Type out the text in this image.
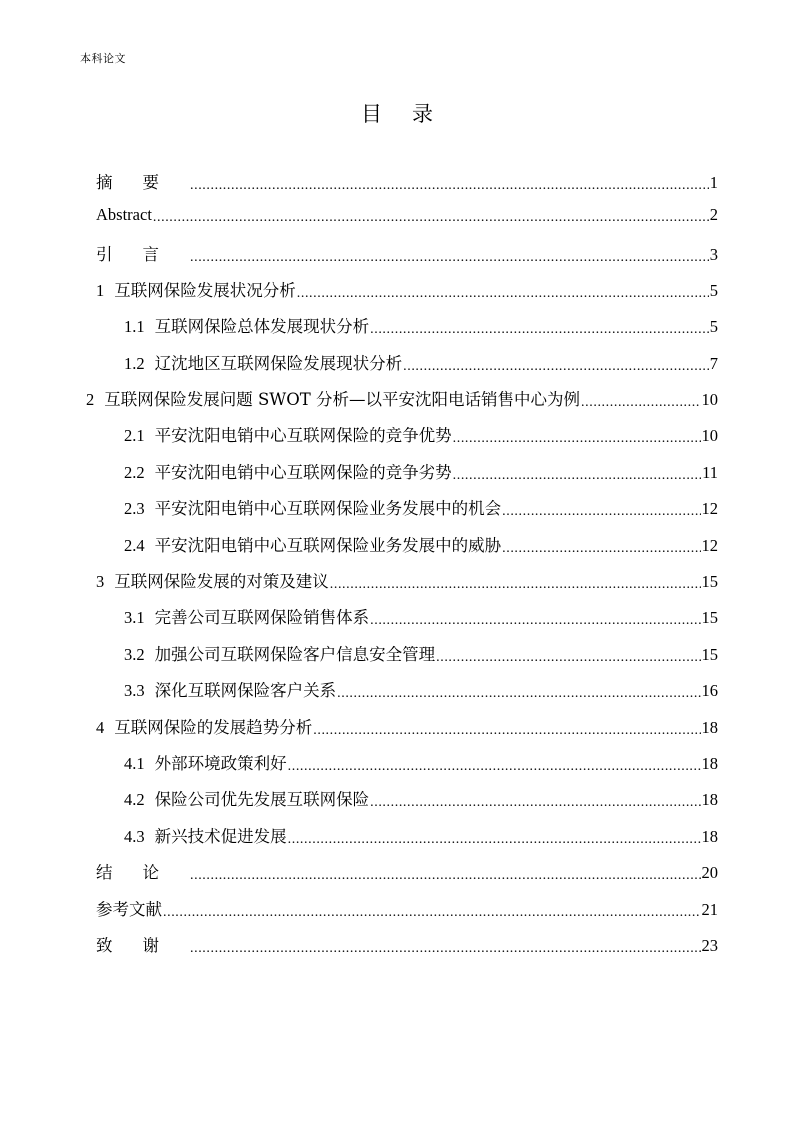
本科论文
目录
摘要 .....	1
Abstract .....	2
引言 .....	3
1 互联网保险发展状况分析 .....	5
1.1 互联网保险总体发展现状分析 .....	5
1.2 辽沈地区互联网保险发展现状分析 .....	7
2 互联网保险发展问题 SWOT 分析—以平安沈阳电话销售中心为例 .....	10
2.1 平安沈阳电销中心互联网保险的竞争优势 .....	10
2.2 平安沈阳电销中心互联网保险的竞争劣势 .....	11
2.3 平安沈阳电销中心互联网保险业务发展中的机会 .....	12
2.4 平安沈阳电销中心互联网保险业务发展中的威胁 .....	12
3 互联网保险发展的对策及建议 .....	15
3.1 完善公司互联网保险销售体系 .....	15
3.2 加强公司互联网保险客户信息安全管理 .....	15
3.3 深化互联网保险客户关系 .....	16
4 互联网保险的发展趋势分析 .....	18
4.1 外部环境政策利好 .....	18
4.2 保险公司优先发展互联网保险 .....	18
4.3 新兴技术促进发展 .....	18
结论 .....	20
参考文献 .....	21
致谢 .....	23
